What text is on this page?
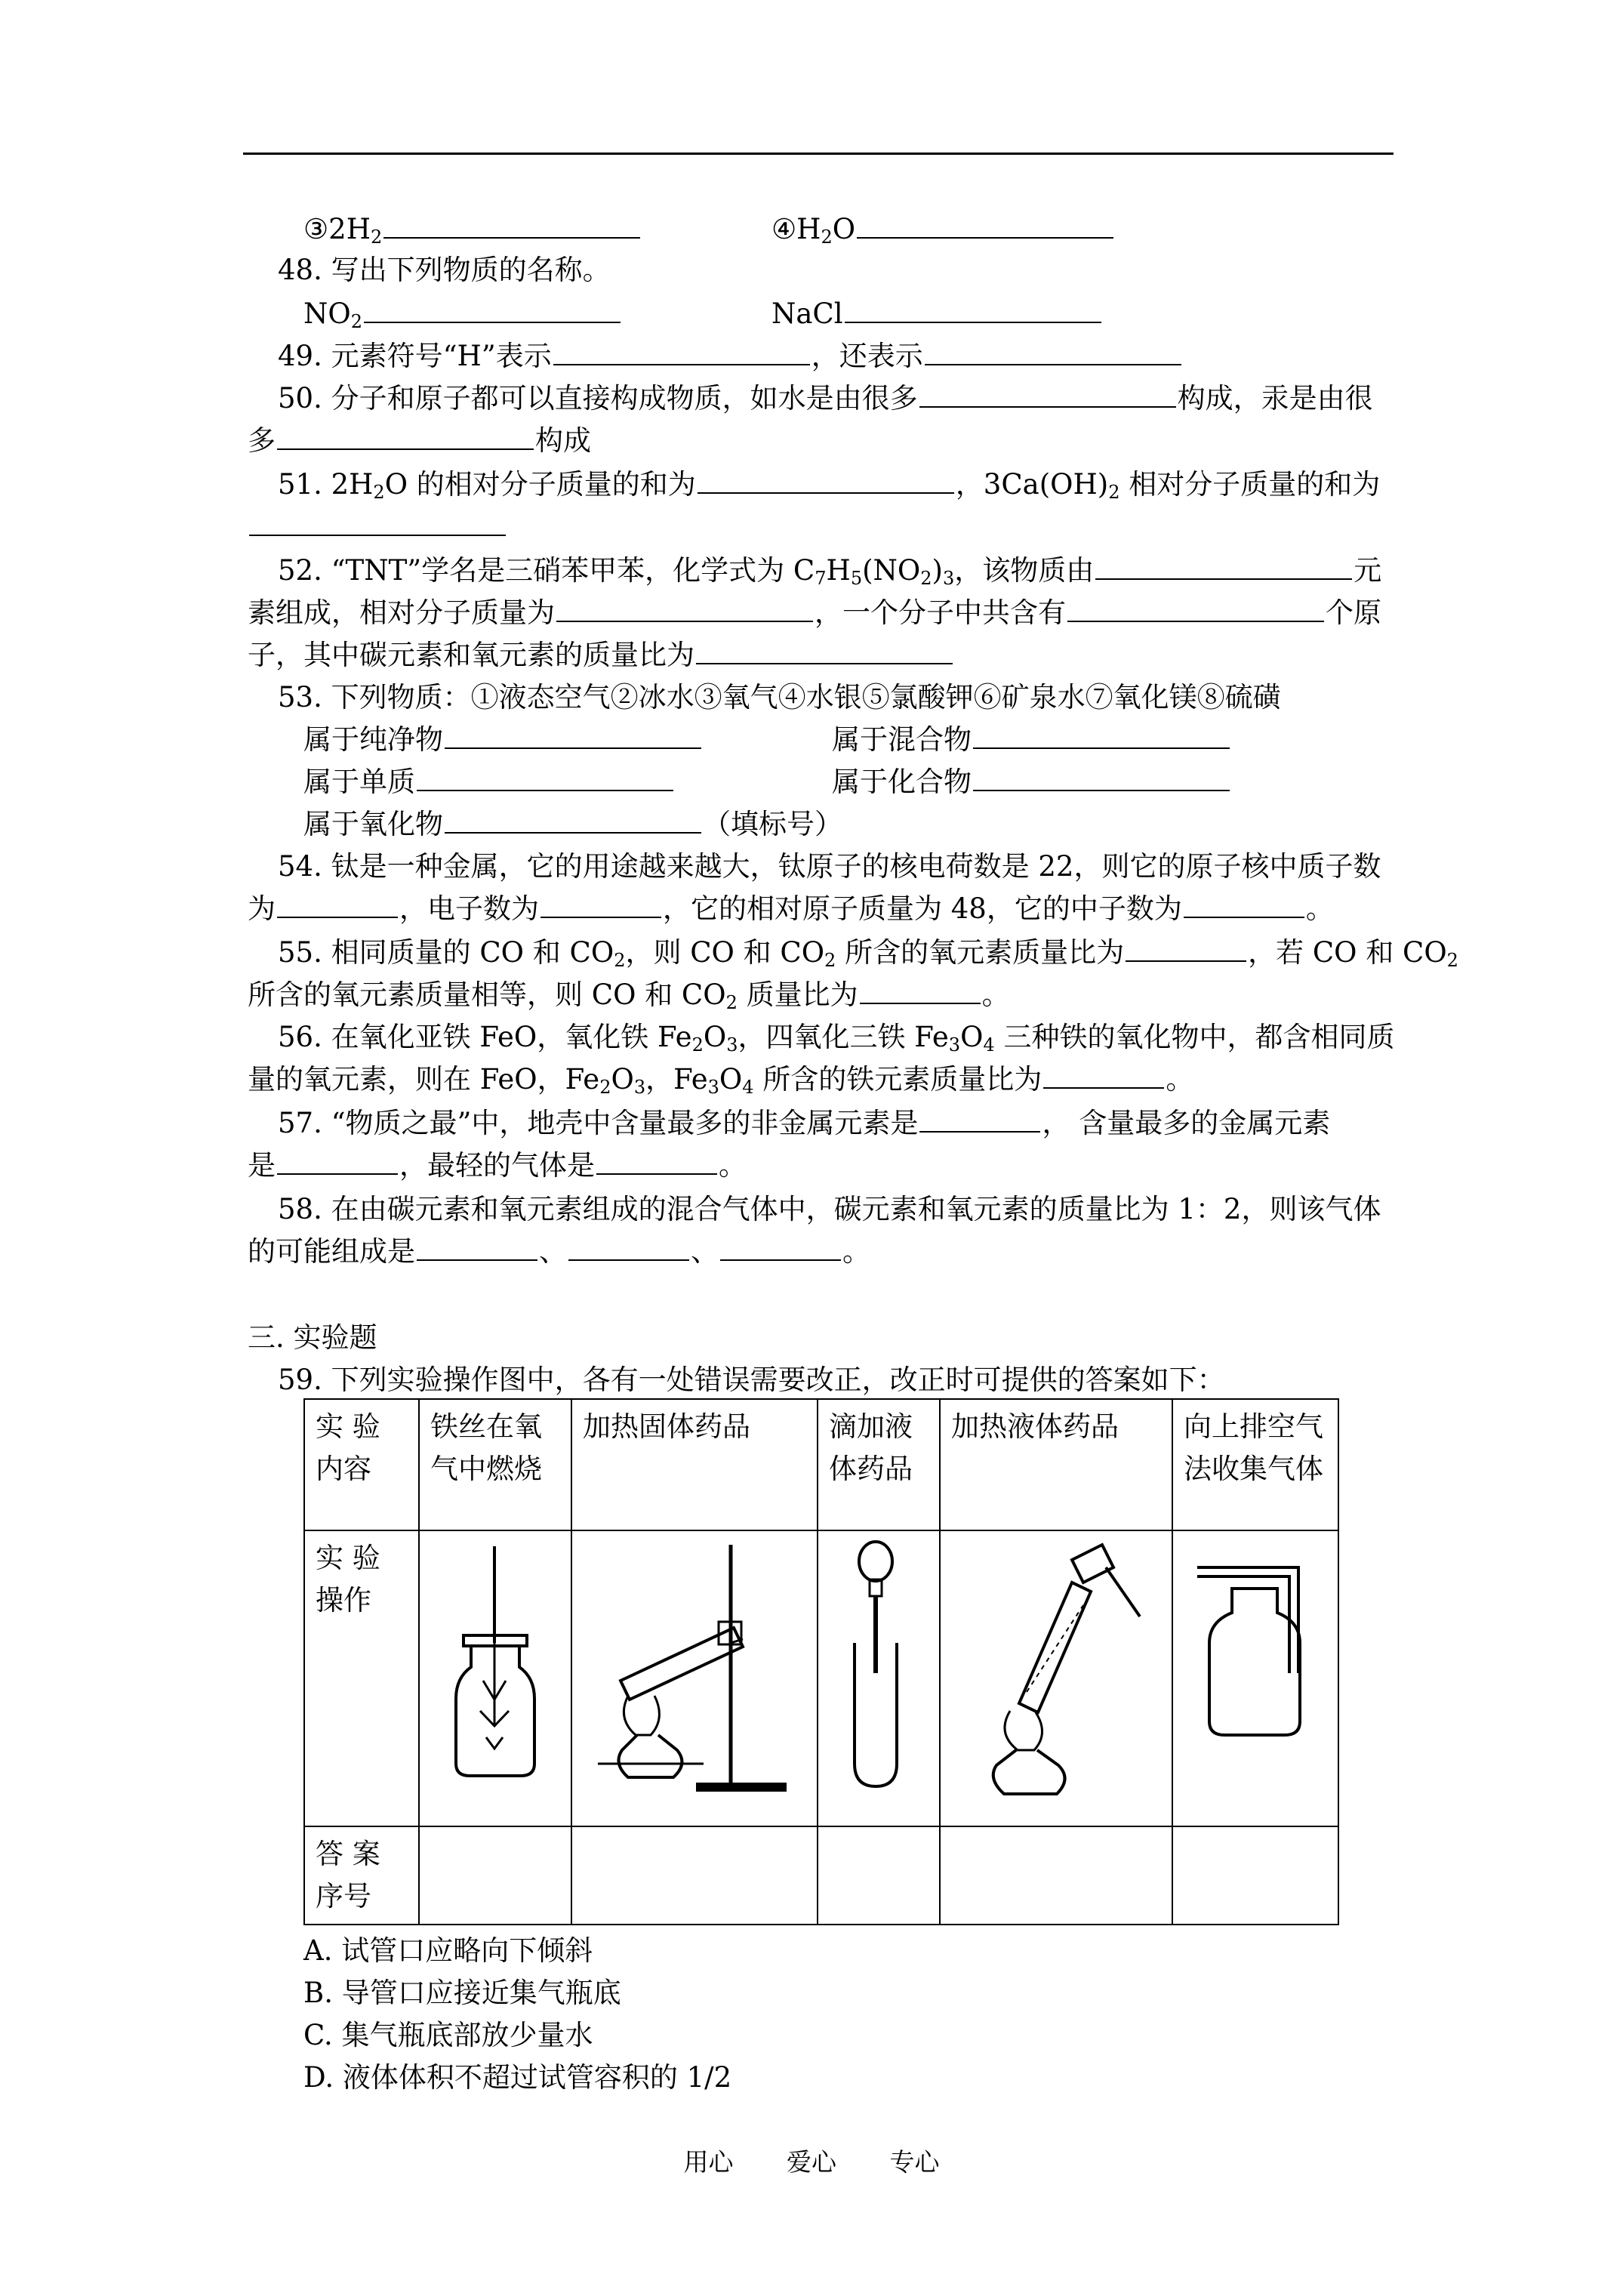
$③2H_2$	$④H_2O$
48. 写出下列物质的名称。
$NO_2$	NaCl
49. 元素符号“H”表示	，还表示
50. 分子和原子都可以直接构成物质，如水是由很多	构成，汞是由很
多	构成
51. $2H_2O$ 的相对分子质量的和为	，$3Ca(OH)_2$ 相对分子质量的和为
52. “TNT”学名是三硝苯甲苯，化学式为 $C_7H_5(NO_2)_3$，该物质由	元
素组成，相对分子质量为	，一个分子中共含有	个原
子，其中碳元素和氧元素的质量比为
53. 下列物质：①液态空气②冰水③氧气④水银⑤氯酸钾⑥矿泉水⑦氧化镁⑧硫磺
属于纯净物	属于混合物
属于单质	属于化合物
属于氧化物	（填标号）
54. 钛是一种金属，它的用途越来越大，钛原子的核电荷数是 22，则它的原子核中质子数
为	，电子数为	，它的相对原子质量为 48，它的中子数为	。
55. 相同质量的 CO 和 $CO_2$，则 CO 和 $CO_2$ 所含的氧元素质量比为	，若 CO 和 $CO_2$
所含的氧元素质量相等，则 CO 和 $CO_2$ 质量比为	。
56. 在氧化亚铁 FeO，氧化铁 $Fe_2O_3$，四氧化三铁 $Fe_3O_4$ 三种铁的氧化物中，都含相同质
量的氧元素，则在 FeO，$Fe_2O_3$，$Fe_3O_4$ 所含的铁元素质量比为	。
57. “物质之最”中，地壳中含量最多的非金属元素是	， 含量最多的金属元素
是	，最轻的气体是	。
58. 在由碳元素和氧元素组成的混合气体中，碳元素和氧元素的质量比为 1：2，则该气体
的可能组成是	、	、	。
三. 实验题
59. 下列实验操作图中，各有一处错误需要改正，改正时可提供的答案如下：
实 验 内容	铁丝在氧气中燃烧	加热固体药品	滴加液体药品	加热液体药品	向上排空气法收集气体
实 验 操作	

答 案 序号					
A. 试管口应略向下倾斜
B. 导管口应接近集气瓶底
C. 集气瓶底部放少量水
D. 液体体积不超过试管容积的 1/2
用心 爱心 专心
